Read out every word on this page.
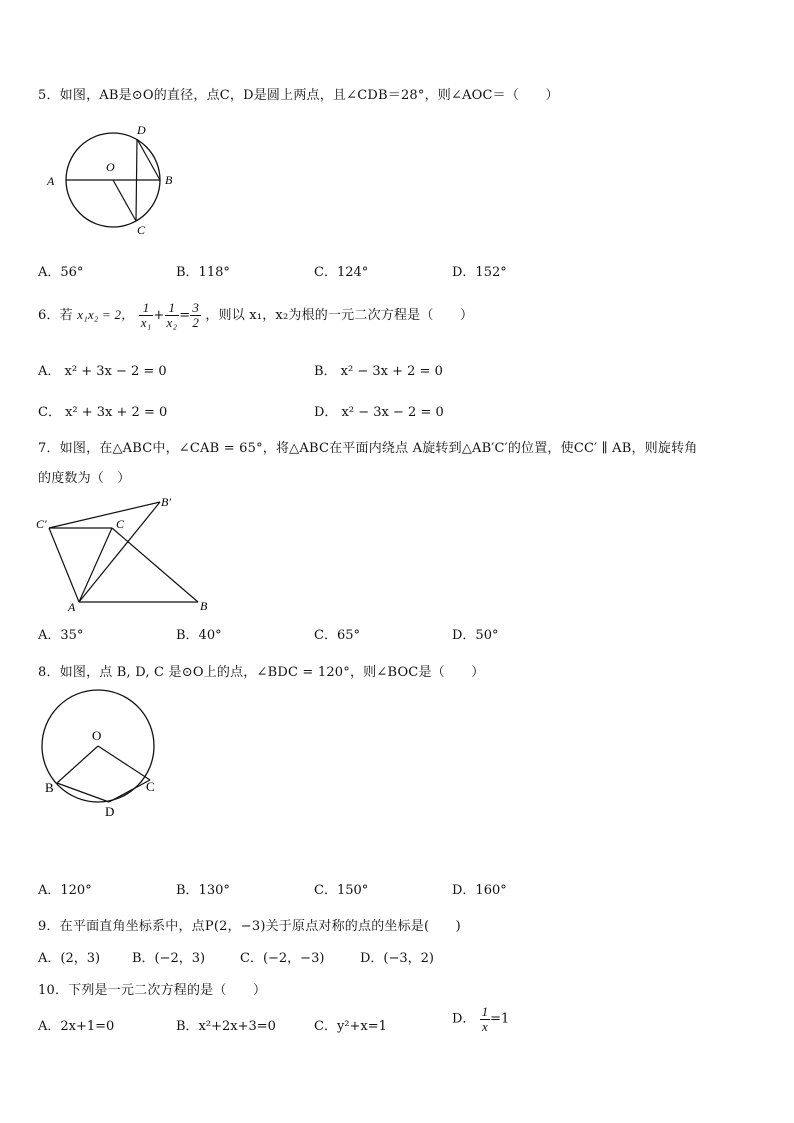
5．如图，AB是⊙O的直径，点C，D是圆上两点，且∠CDB＝28°，则∠AOC＝（　　）
A	B
C
D
O
A．56°	B．118°	C．124°	D．152°
6．若 x₁x₂ = 2， $\frac{1}{\text{x₁}} + \frac{1}{\text{x₂}} = \frac{3}{2}$ ，则以 x₁，x₂为根的一元二次方程是（　　）
A． x² + 3x − 2 = 0	B． x² − 3x + 2 = 0
C． x² + 3x + 2 = 0	D． x² − 3x − 2 = 0
7．如图，在△ABC中，∠CAB = 65°，将△ABC在平面内绕点 A旋转到△AB′C′的位置，使CC′ ∥ AB，则旋转角
的度数为（　）
A	B
C
B′
C′
A．35°	B．40°	C．65°	D．50°
8．如图，点 B, D, C 是⊙O上的点，∠BDC = 120°，则∠BOC是（　　）
O
B	C
D
A．120°	B．130°	C．150°	D．160°
9．在平面直角坐标系中，点P(2，−3)关于原点对称的点的坐标是(　　)
A．(2，3) B．(−2，3)	C．(−2，−3)	D．(−3，2)
10．下列是一元二次方程的是（　　）
A．2x+1=0	B．x²+2x+3=0	C．y²+x=1	D． $\frac{1}{x} =1$
